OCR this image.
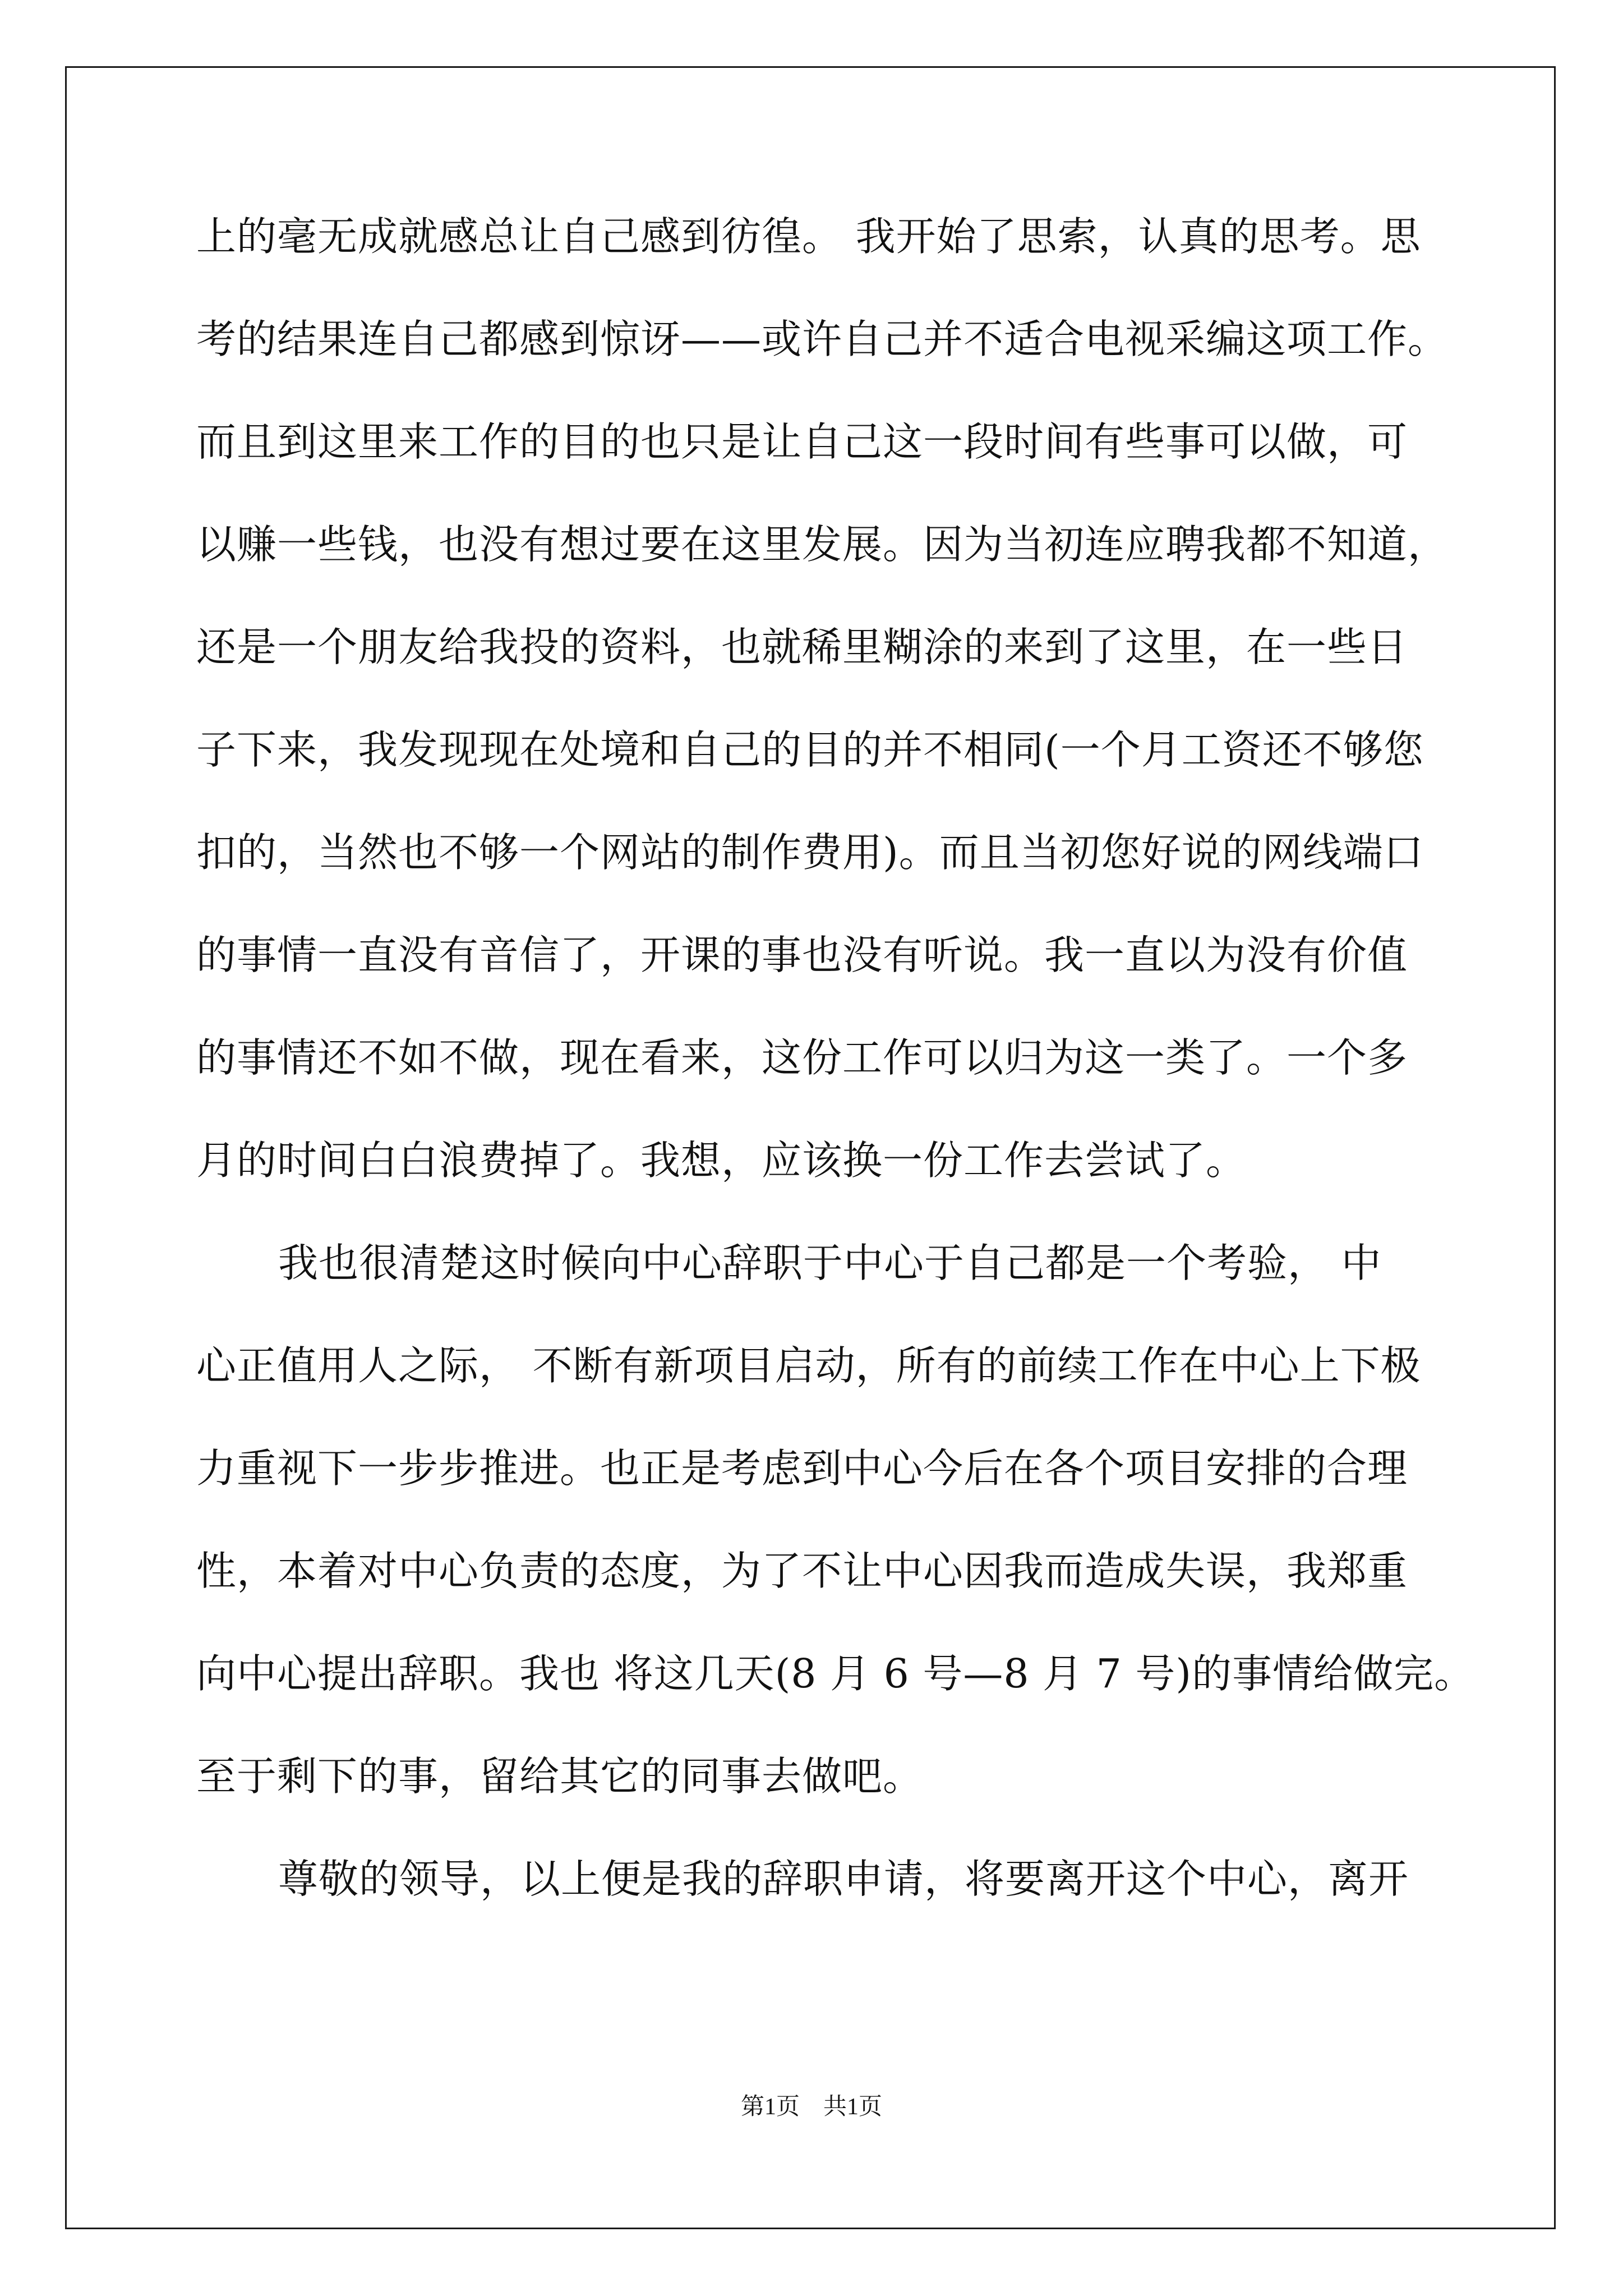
上的毫无成就感总让自己感到彷徨。 我开始了思索，认真的思考。思
考的结果连自己都感到惊讶——或许自己并不适合电视采编这项工作。
而且到这里来工作的目的也只是让自己这一段时间有些事可以做，可
以赚一些钱，也没有想过要在这里发展。因为当初连应聘我都不知道，
还是一个朋友给我投的资料，也就稀里糊涂的来到了这里，在一些日
子下来，我发现现在处境和自己的目的并不相同(一个月工资还不够您
扣的，当然也不够一个网站的制作费用)。而且当初您好说的网线端口
的事情一直没有音信了，开课的事也没有听说。我一直以为没有价值
的事情还不如不做，现在看来，这份工作可以归为这一类了。一个多
月的时间白白浪费掉了。我想，应该换一份工作去尝试了。
我也很清楚这时候向中心辞职于中心于自己都是一个考验， 中
心正值用人之际， 不断有新项目启动，所有的前续工作在中心上下极
力重视下一步步推进。也正是考虑到中心今后在各个项目安排的合理
性，本着对中心负责的态度，为了不让中心因我而造成失误，我郑重
向中心提出辞职。我也 将这几天(8 月 6 号—8 月 7 号)的事情给做完。
至于剩下的事，留给其它的同事去做吧。
尊敬的领导，以上便是我的辞职申请，将要离开这个中心，离开
第1页　共1页
